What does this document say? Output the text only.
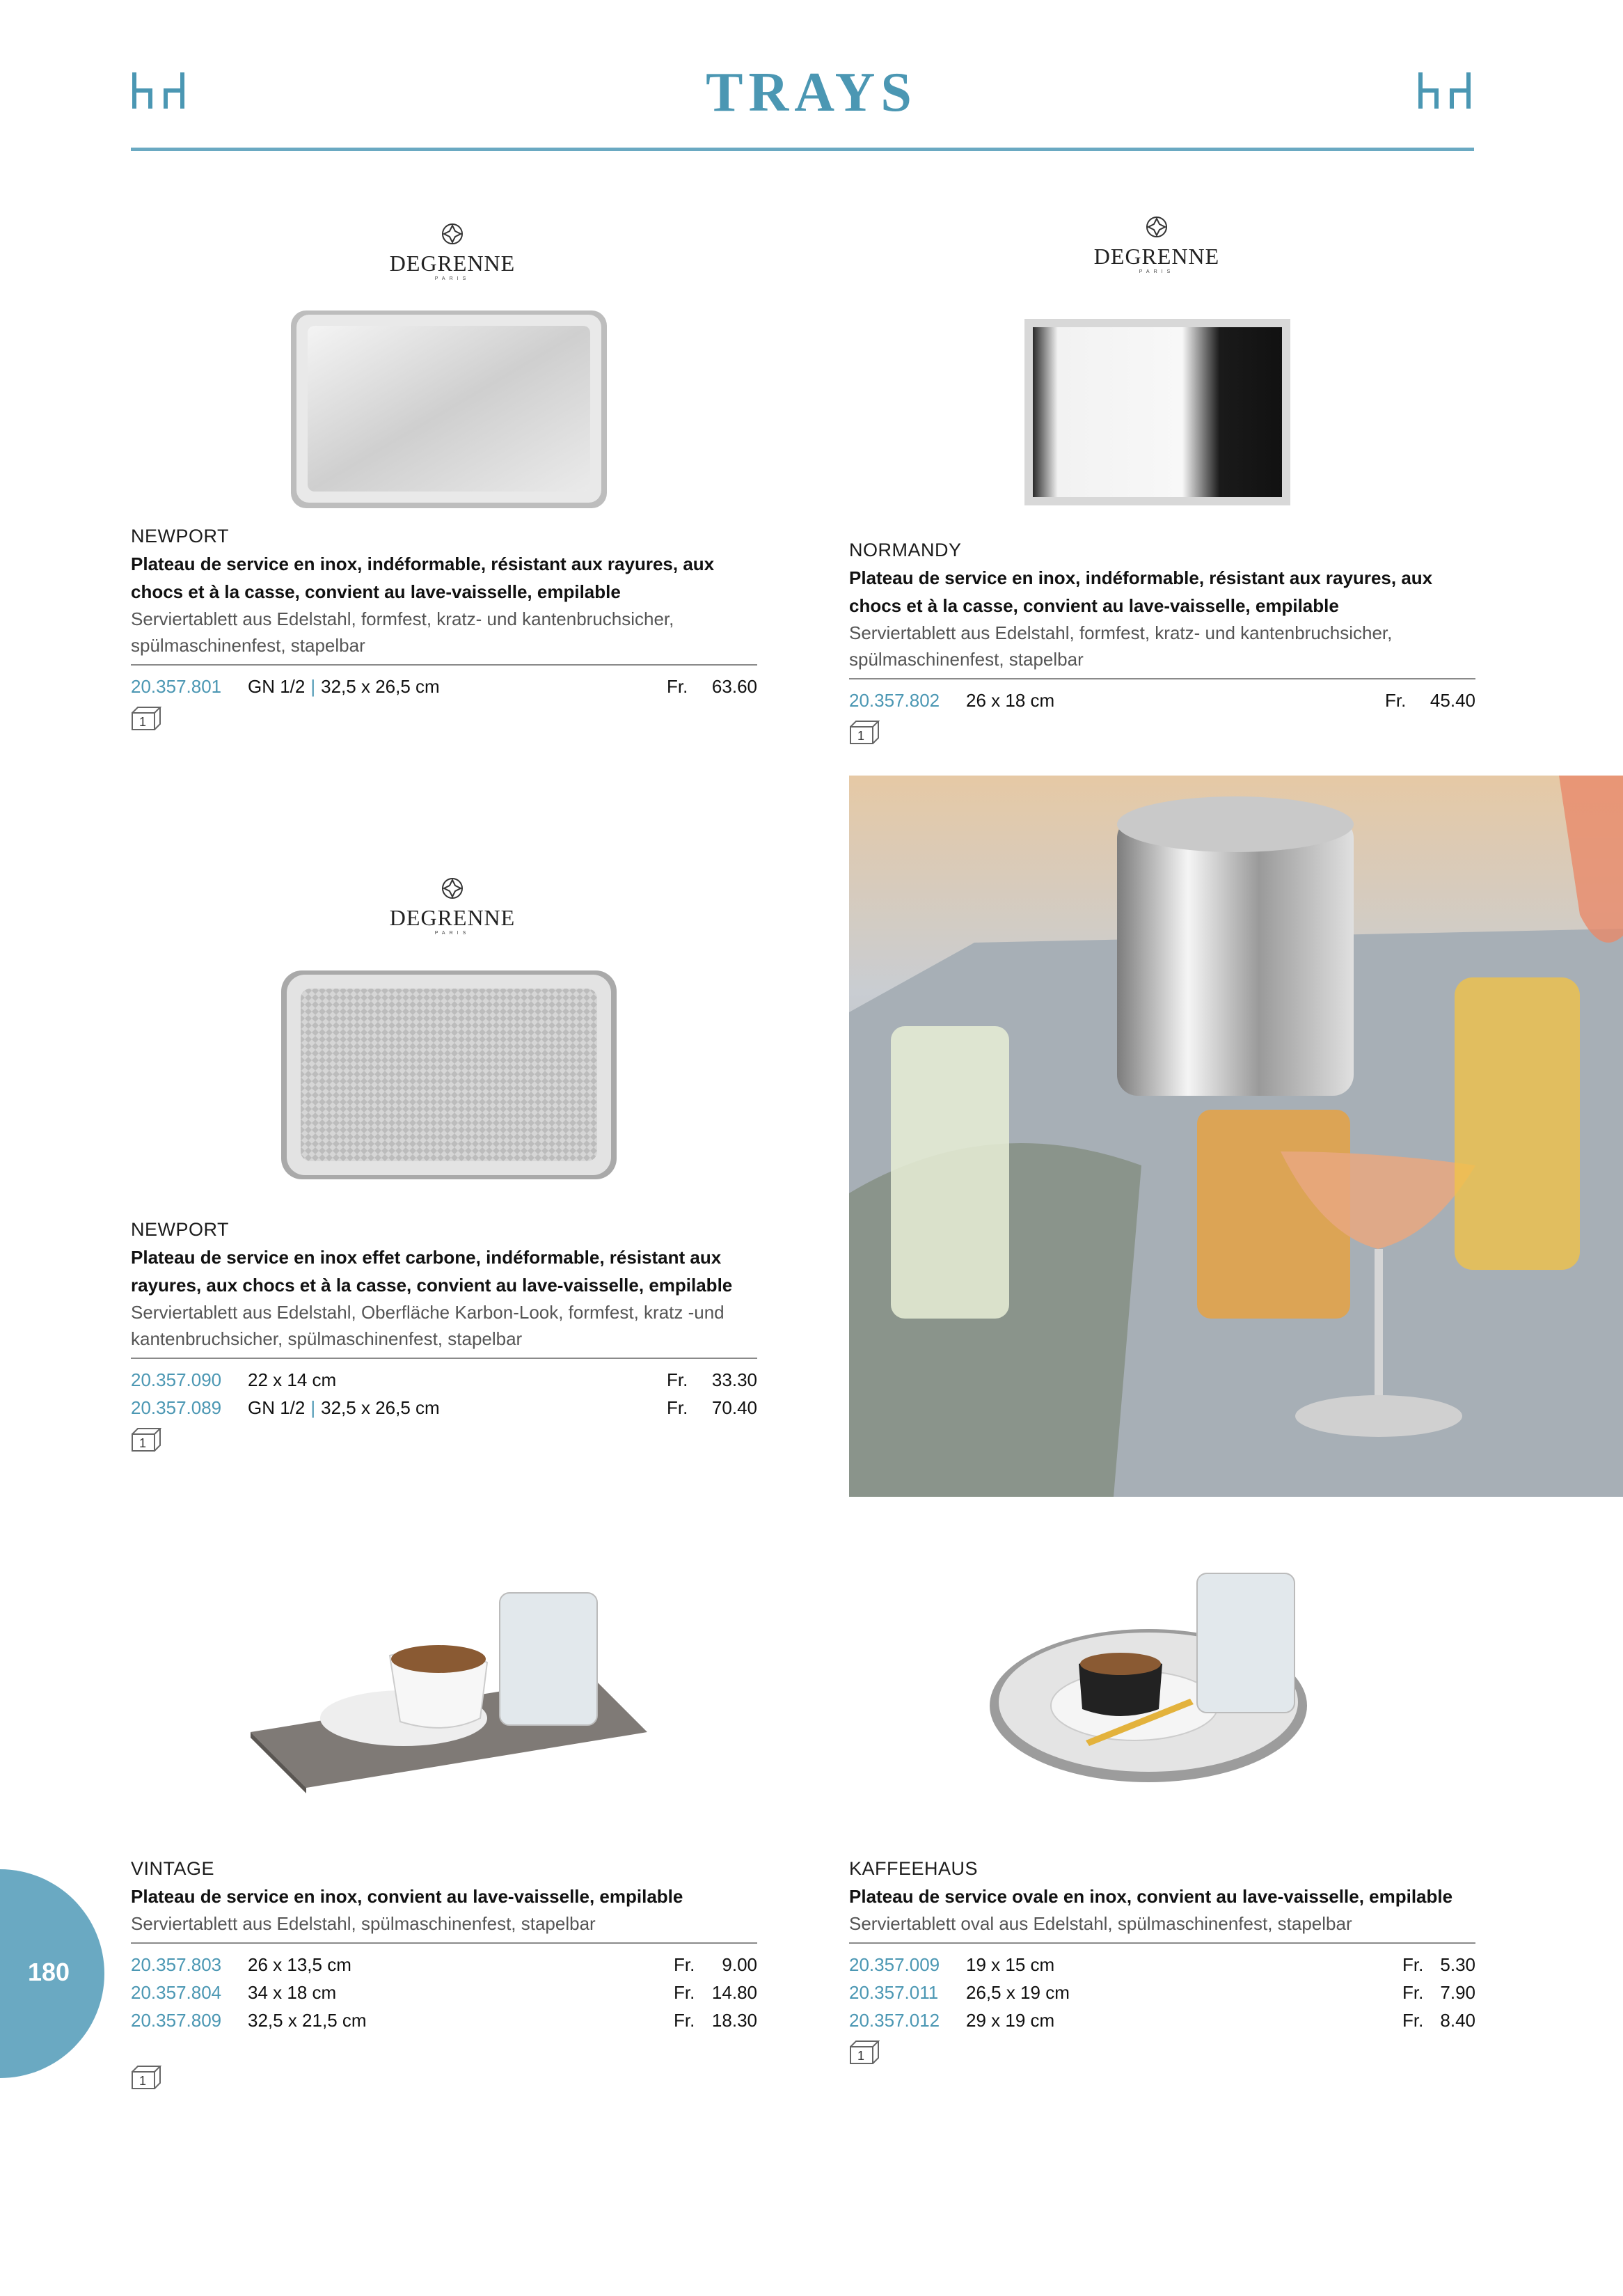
TRAYS
DEGRENNE
PARIS
NEWPORT
Plateau de service en inox, indéformable, résistant aux rayures, aux chocs et à la casse, convient au lave-vaisselle, empilable
Serviertablett aus Edelstahl, formfest, kratz- und kantenbruchsicher, spülmaschinenfest, stapelbar
20.357.801 GN 1/2 | 32,5 x 26,5 cm	Fr. 63.60
1
DEGRENNE
PARIS
NORMANDY
Plateau de service en inox, indéformable, résistant aux rayures, aux chocs et à la casse, convient au lave-vaisselle, empilable
Serviertablett aus Edelstahl, formfest, kratz- und kantenbruchsicher, spülmaschinenfest, stapelbar
20.357.802 26 x 18 cm	Fr. 45.40
1
DEGRENNE
PARIS
NEWPORT
Plateau de service en inox effet carbone, indéformable, résistant aux rayures, aux chocs et à la casse, convient au lave-vaisselle, empilable
Serviertablett aus Edelstahl, Oberfläche Karbon-Look, formfest, kratz -und kantenbruchsicher, spülmaschinenfest, stapelbar
20.357.090 22 x 14 cm	Fr. 33.30
20.357.089 GN 1/2 | 32,5 x 26,5 cm	Fr. 70.40
1
VINTAGE
Plateau de service en inox, convient au lave-vaisselle, empilable
Serviertablett aus Edelstahl, spülmaschinenfest, stapelbar
20.357.803 26 x 13,5 cm	Fr. 9.00
20.357.804 34 x 18 cm	Fr. 14.80
20.357.809 32,5 x 21,5 cm	Fr. 18.30
1
KAFFEEHAUS
Plateau de service ovale en inox, convient au lave-vaisselle, empilable
Serviertablett oval aus Edelstahl, spülmaschinenfest, stapelbar
20.357.009 19 x 15 cm	Fr. 5.30
20.357.011 26,5 x 19 cm	Fr. 7.90
20.357.012 29 x 19 cm	Fr. 8.40
1
180
